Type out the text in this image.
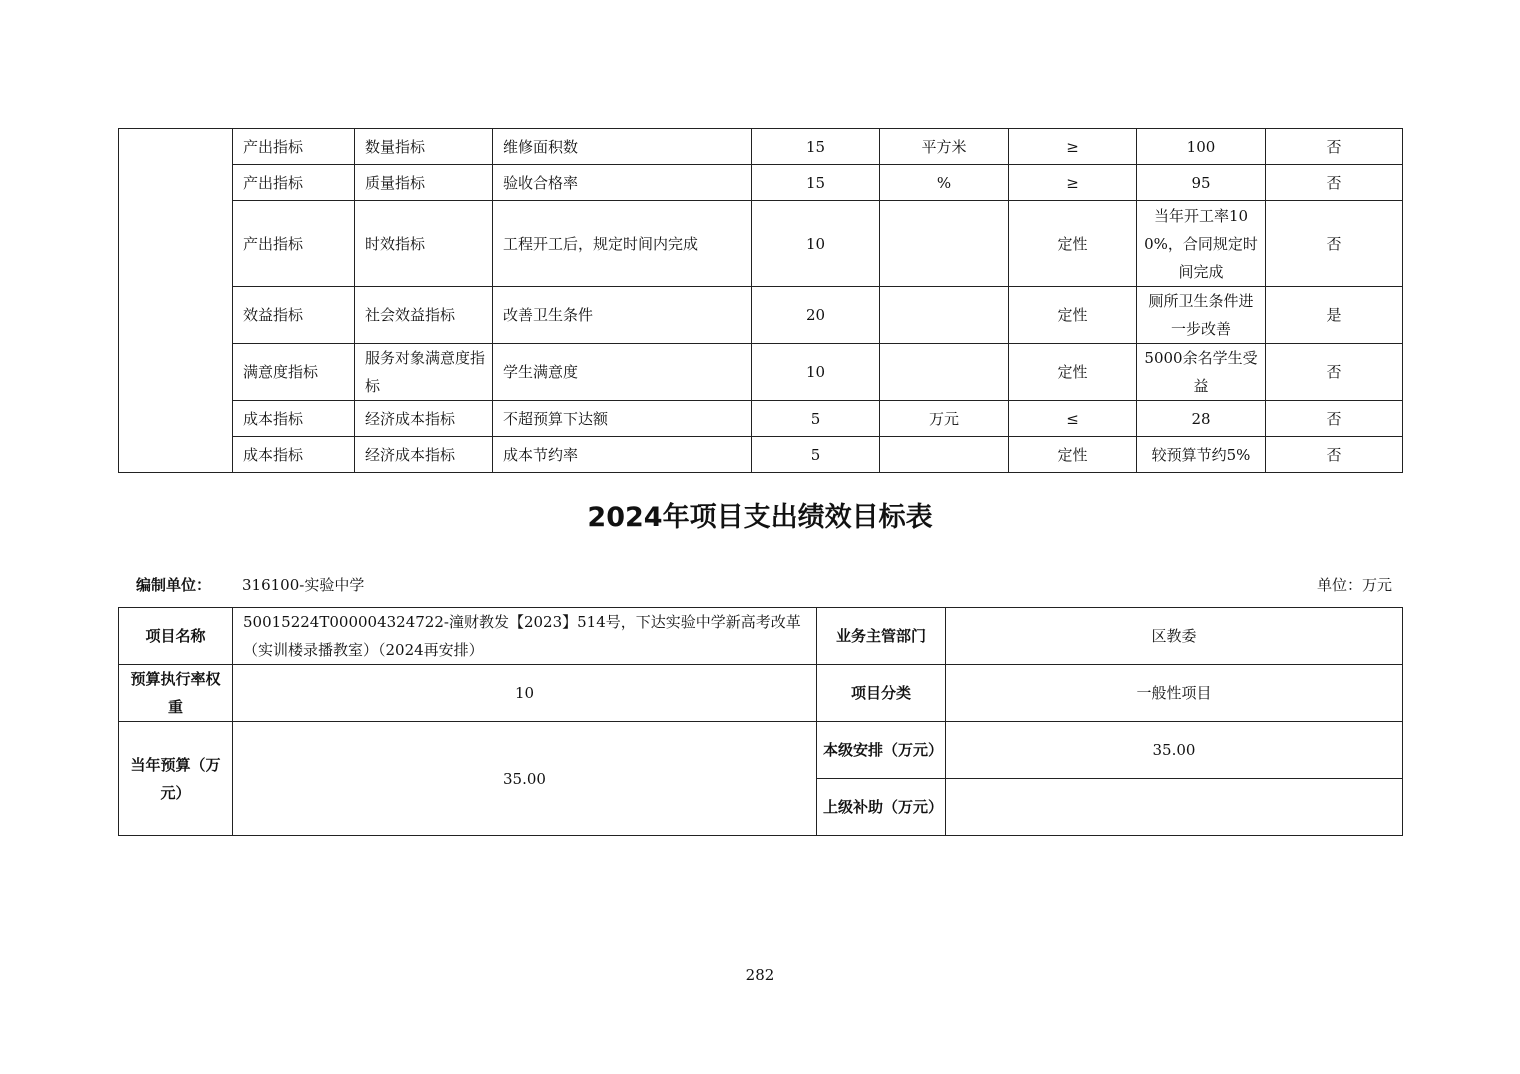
	产出指标	数量指标	维修面积数	15	平方米	≥	100	否
	产出指标	质量指标	验收合格率	15	%	≥	95	否
	产出指标	时效指标	工程开工后，规定时间内完成	10		定性	当年开工率100%，合同规定时间完成	否
	效益指标	社会效益指标	改善卫生条件	20		定性	厕所卫生条件进一步改善	是
	满意度指标	服务对象满意度指标	学生满意度	10		定性	5000余名学生受益	否
	成本指标	经济成本指标	不超预算下达额	5	万元	≤	28	否
	成本指标	经济成本指标	成本节约率	5		定性	较预算节约5%	否
2024年项目支出绩效目标表
编制单位： 316100-实验中学	单位：万元
项目名称	50015224T000004324722-潼财教发【2023】514号，下达实验中学新高考改革（实训楼录播教室）（2024再安排）	业务主管部门	区教委
预算执行率权重	10	项目分类	一般性项目
当年预算（万元）	35.00	本级安排（万元）	35.00
		上级补助（万元）	
282
